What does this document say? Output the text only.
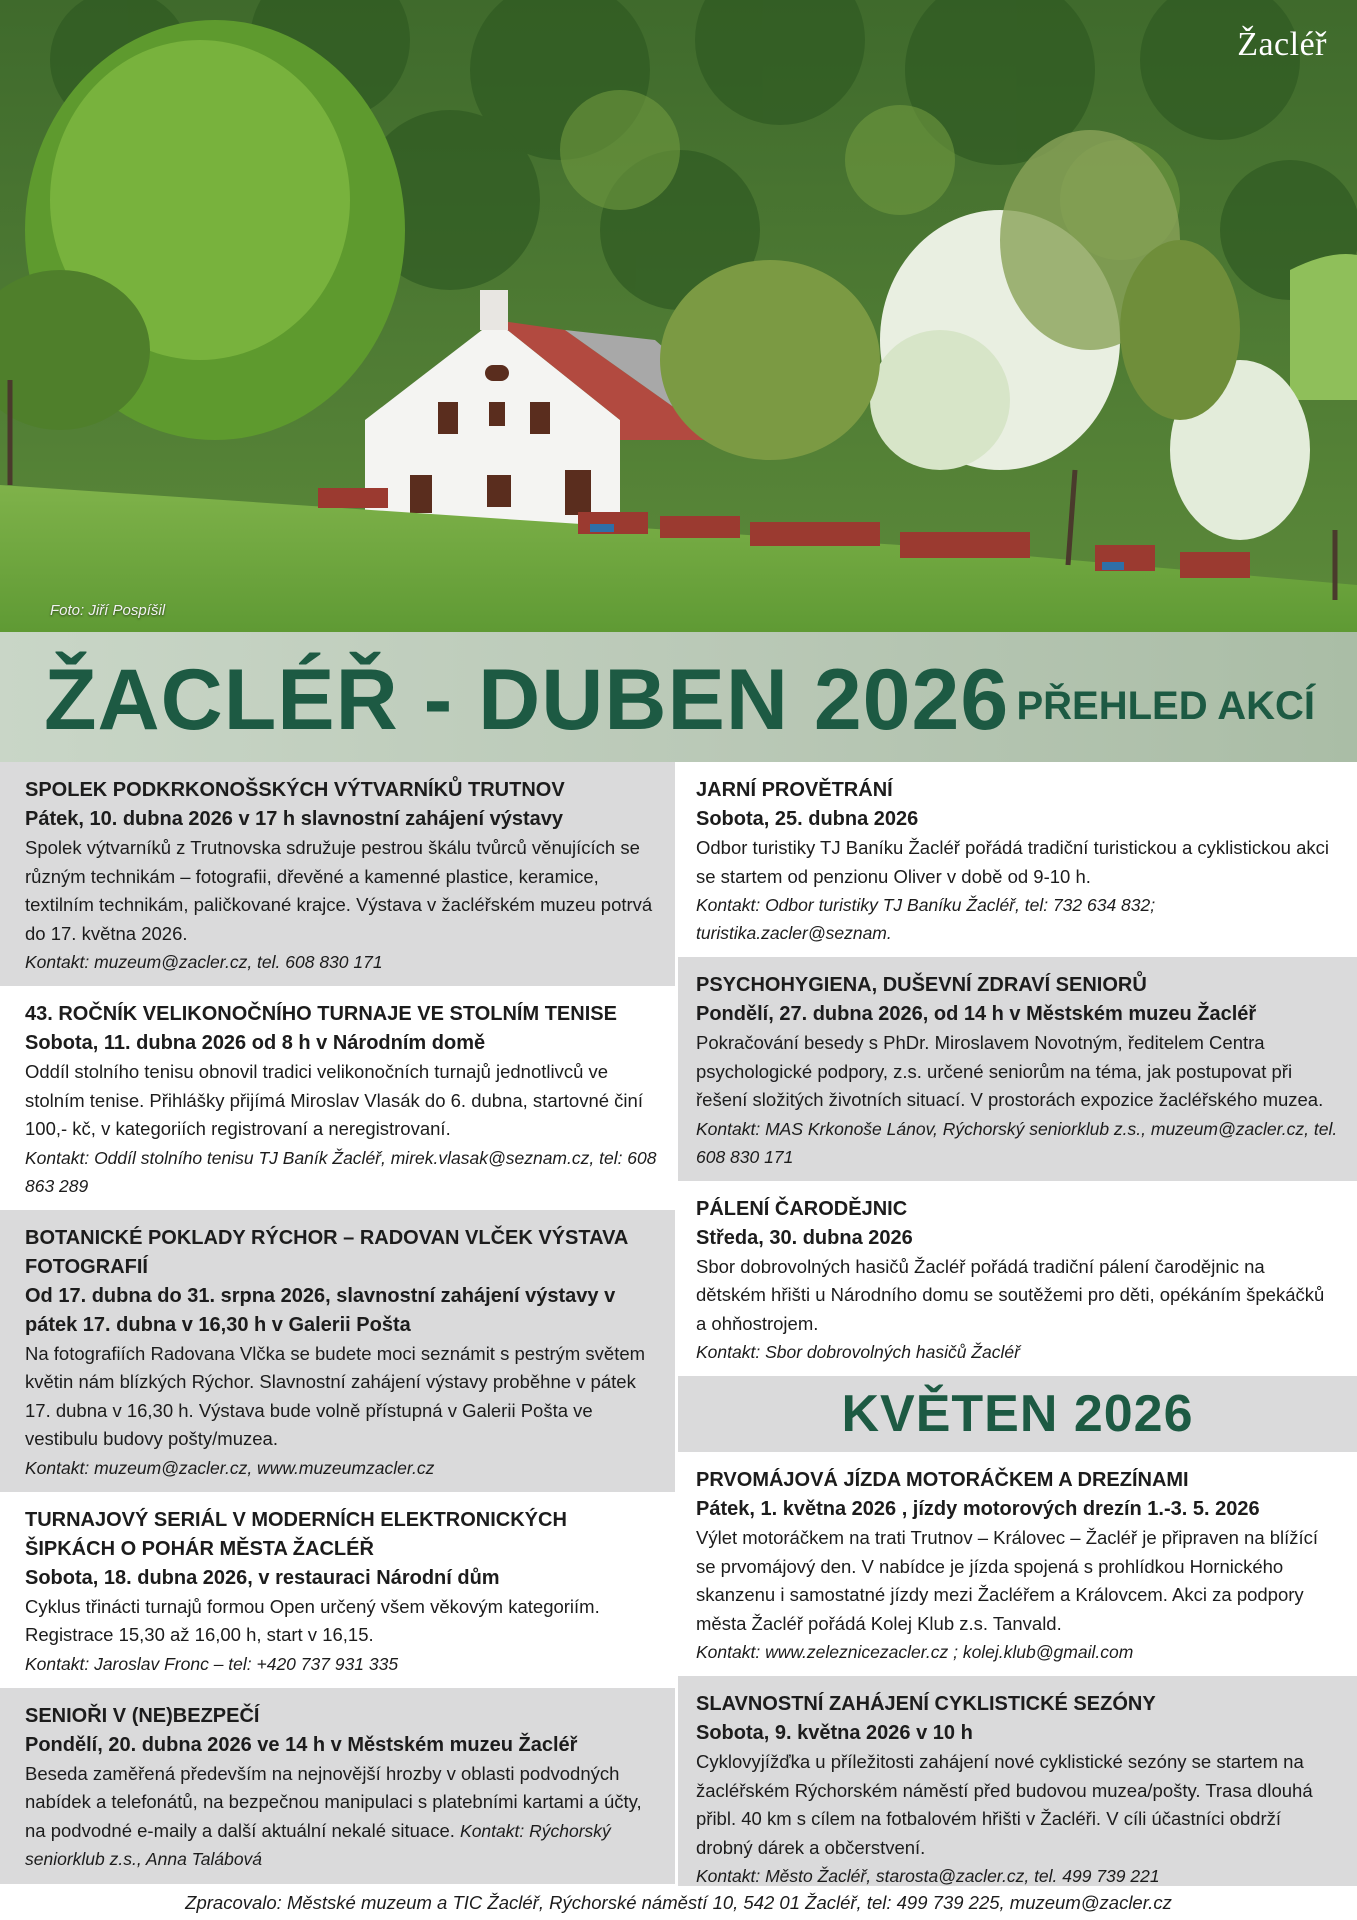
Žacléř
Foto: Jiří Pospíšil
ŽACLÉŘ - DUBEN 2026 PŘEHLED AKCÍ
SPOLEK PODKRKONOŠSKÝCH VÝTVARNÍKŮ TRUTNOV
Pátek, 10. dubna 2026 v 17 h slavnostní zahájení výstavy
Spolek výtvarníků z Trutnovska sdružuje pestrou škálu tvůrců věnujících se různým technikám – fotografii, dřevěné a kamenné plastice, keramice, textilním technikám, paličkované krajce. Výstava v žacléřském muzeu potrvá do 17. května 2026.
Kontakt: muzeum@zacler.cz, tel. 608 830 171
43. ROČNÍK VELIKONOČNÍHO TURNAJE VE STOLNÍM TENISE
Sobota, 11. dubna 2026 od 8 h v Národním domě
Oddíl stolního tenisu obnovil tradici velikonočních turnajů jednotlivců ve stolním tenise. Přihlášky přijímá Miroslav Vlasák do 6. dubna, startovné činí 100,- kč, v kategoriích registrovaní a neregistrovaní.
Kontakt: Oddíl stolního tenisu TJ Baník Žacléř, mirek.vlasak@seznam.cz, tel: 608 863 289
BOTANICKÉ POKLADY RÝCHOR – RADOVAN VLČEK VÝSTAVA FOTOGRAFIÍ
Od 17. dubna do 31. srpna 2026, slavnostní zahájení výstavy v pátek 17. dubna v 16,30 h v Galerii Pošta
Na fotografiích Radovana Vlčka se budete moci seznámit s pestrým světem květin nám blízkých Rýchor. Slavnostní zahájení výstavy proběhne v pátek 17. dubna v 16,30 h. Výstava bude volně přístupná v Galerii Pošta ve vestibulu budovy pošty/muzea.
Kontakt: muzeum@zacler.cz, www.muzeumzacler.cz
TURNAJOVÝ SERIÁL V MODERNÍCH ELEKTRONICKÝCH ŠIPKÁCH O POHÁR MĚSTA ŽACLÉŘ
Sobota, 18. dubna 2026, v restauraci Národní dům
Cyklus třinácti turnajů formou Open určený všem věkovým kategoriím. Registrace 15,30 až 16,00 h, start v 16,15.
Kontakt: Jaroslav Fronc – tel: +420 737 931 335
SENIOŘI V (NE)BEZPEČÍ
Pondělí, 20. dubna 2026 ve 14 h v Městském muzeu Žacléř
Beseda zaměřená především na nejnovější hrozby v oblasti podvodných nabídek a telefonátů, na bezpečnou manipulaci s platebními kartami a účty, na podvodné e-maily a další aktuální nekalé situace. Kontakt: Rýchorský seniorklub z.s., Anna Talábová
JARNÍ PROVĚTRÁNÍ
Sobota, 25. dubna 2026
Odbor turistiky TJ Baníku Žacléř pořádá tradiční turistickou a cyklistickou akci se startem od penzionu Oliver v době od 9-10 h.
Kontakt: Odbor turistiky TJ Baníku Žacléř, tel: 732 634 832; turistika.zacler@seznam.
PSYCHOHYGIENA, DUŠEVNÍ ZDRAVÍ SENIORŮ
Pondělí, 27. dubna 2026, od 14 h v Městském muzeu Žacléř
Pokračování besedy s PhDr. Miroslavem Novotným, ředitelem Centra psychologické podpory, z.s. určené seniorům na téma, jak postupovat při řešení složitých životních situací. V prostorách expozice žacléřského muzea.
Kontakt: MAS Krkonoše Lánov, Rýchorský seniorklub z.s., muzeum@zacler.cz, tel. 608 830 171
PÁLENÍ ČARODĚJNIC
Středa, 30. dubna 2026
Sbor dobrovolných hasičů Žacléř pořádá tradiční pálení čarodějnic na dětském hřišti u Národního domu se soutěžemi pro děti, opékáním špekáčků a ohňostrojem.
Kontakt: Sbor dobrovolných hasičů Žacléř
KVĚTEN 2026
PRVOMÁJOVÁ JÍZDA MOTORÁČKEM A DREZÍNAMI
Pátek, 1. května 2026 , jízdy motorových drezín 1.-3. 5. 2026
Výlet motoráčkem na trati Trutnov – Královec – Žacléř je připraven na blížící se prvomájový den. V nabídce je jízda spojená s prohlídkou Hornického skanzenu i samostatné jízdy mezi Žacléřem a Královcem. Akci za podpory města Žacléř pořádá Kolej Klub z.s. Tanvald.
Kontakt: www.zeleznicezacler.cz ; kolej.klub@gmail.com
SLAVNOSTNÍ ZAHÁJENÍ CYKLISTICKÉ SEZÓNY
Sobota, 9. května 2026 v 10 h
Cyklovyjížďka u příležitosti zahájení nové cyklistické sezóny se startem na žacléřském Rýchorském náměstí před budovou muzea/pošty. Trasa dlouhá přibl. 40 km s cílem na fotbalovém hřišti v Žacléři. V cíli účastníci obdrží drobný dárek a občerstvení.
Kontakt: Město Žacléř, starosta@zacler.cz, tel. 499 739 221
Zpracovalo: Městské muzeum a TIC Žacléř, Rýchorské náměstí 10, 542 01 Žacléř, tel: 499 739 225, muzeum@zacler.cz
